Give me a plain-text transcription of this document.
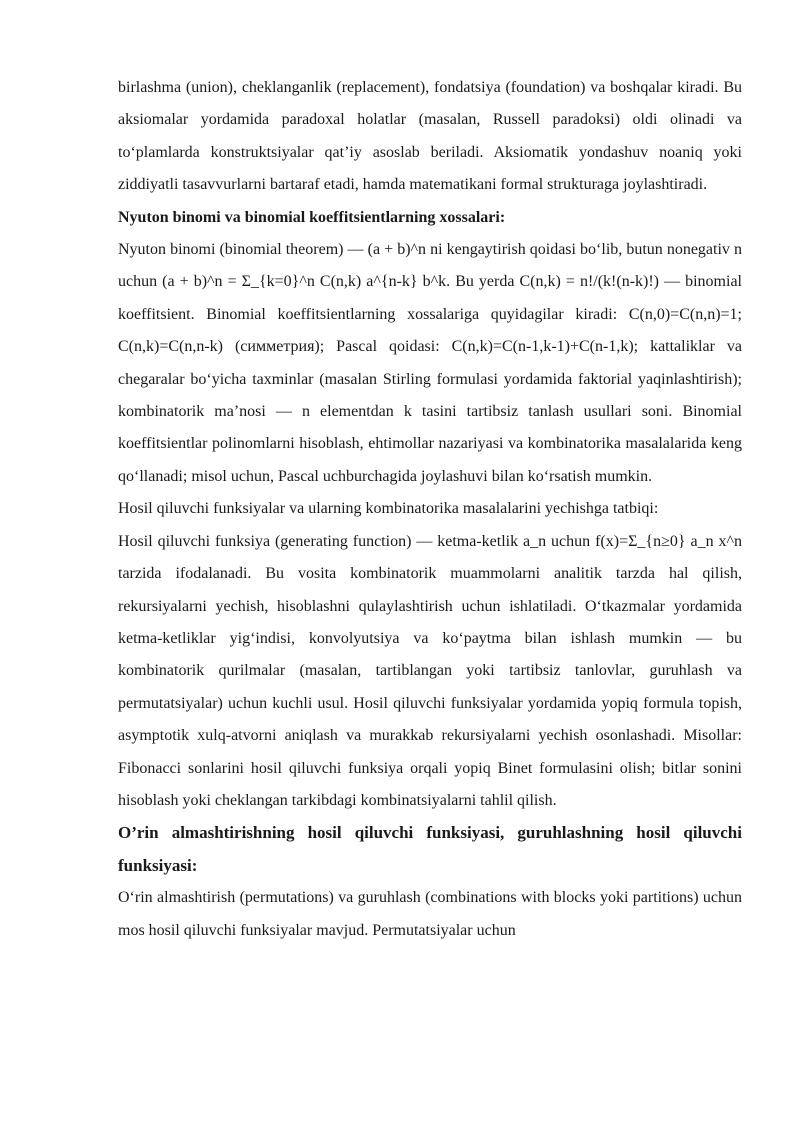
birlashma (union), cheklanganlik (replacement), fondatsiya (foundation) va boshqalar kiradi. Bu aksiomalar yordamida paradoxal holatlar (masalan, Russell paradoksi) oldi olinadi va to‘plamlarda konstruktsiyalar qat’iy asoslab beriladi. Aksiomatik yondashuv noaniq yoki ziddiyatli tasavvurlarni bartaraf etadi, hamda matematikani formal strukturaga joylashtiradi.

Nyuton binomi va binomial koeffitsientlarning xossalari:

Nyuton binomi (binomial theorem) — (a + b)^n ni kengaytirish qoidasi bo‘lib, butun nonegativ n uchun (a + b)^n = Σ_{k=0}^n C(n,k) a^{n-k} b^k. Bu yerda C(n,k) = n!/(k!(n-k)!) — binomial koeffitsient. Binomial koeffitsientlarning xossalariga quyidagilar kiradi: C(n,0)=C(n,n)=1; C(n,k)=C(n,n-k) (симметрия); Pascal qoidasi: C(n,k)=C(n-1,k-1)+C(n-1,k); kattaliklar va chegaralar bo‘yicha taxminlar (masalan Stirling formulasi yordamida faktorial yaqinlashtirish); kombinatorik ma’nosi — n elementdan k tasini tartibsiz tanlash usullari soni. Binomial koeffitsientlar polinomlarni hisoblash, ehtimollar nazariyasi va kombinatorika masalalarida keng qo‘llanadi; misol uchun, Pascal uchburchagida joylashuvi bilan ko‘rsatish mumkin.

Hosil qiluvchi funksiyalar va ularning kombinatorika masalalarini yechishga tatbiqi:

Hosil qiluvchi funksiya (generating function) — ketma-ketlik a_n uchun f(x)=Σ_{n≥0} a_n x^n tarzida ifodalanadi. Bu vosita kombinatorik muammolarni analitik tarzda hal qilish, rekursiyalarni yechish, hisoblashni qulaylashtirish uchun ishlatiladi. O‘tkazmalar yordamida ketma-ketliklar yig‘indisi, konvolyutsiya va ko‘paytma bilan ishlash mumkin — bu kombinatorik qurilmalar (masalan, tartiblangan yoki tartibsiz tanlovlar, guruhlash va permutatsiyalar) uchun kuchli usul. Hosil qiluvchi funksiyalar yordamida yopiq formula topish, asymptotik xulq-atvorni aniqlash va murakkab rekursiyalarni yechish osonlashadi. Misollar: Fibonacci sonlarini hosil qiluvchi funksiya orqali yopiq Binet formulasini olish; bitlar sonini hisoblash yoki cheklangan tarkibdagi kombinatsiyalarni tahlil qilish.

O’rin almashtirishning hosil qiluvchi funksiyasi, guruhlashning hosil qiluvchi funksiyasi:

O‘rin almashtirish (permutations) va guruhlash (combinations with blocks yoki partitions) uchun mos hosil qiluvchi funksiyalar mavjud. Permutatsiyalar uchun
